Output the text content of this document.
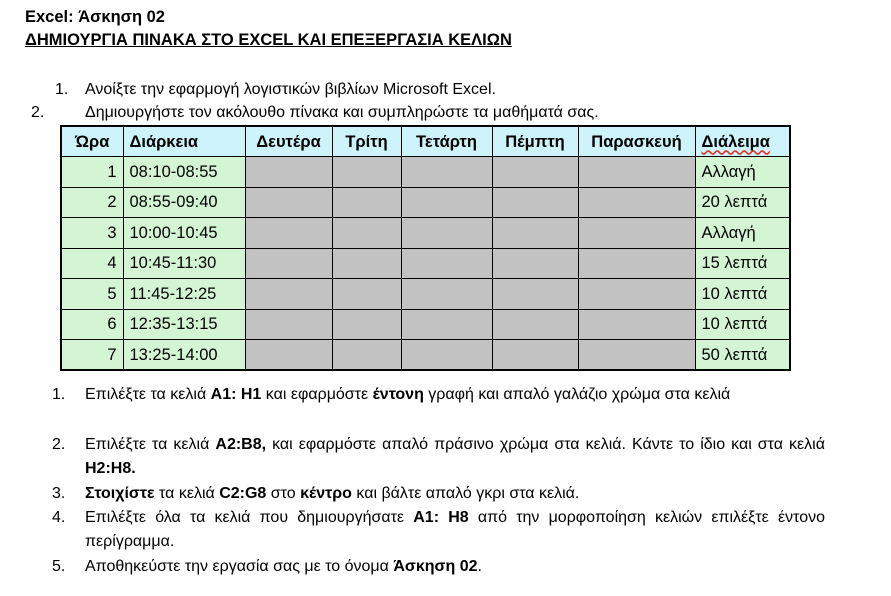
Excel: Άσκηση 02
ΔΗΜΙΟΥΡΓΙΑ ΠΙΝΑΚΑ ΣΤΟ EXCEL ΚΑΙ ΕΠΕΞΕΡΓΑΣΙΑ ΚΕΛΙΩΝ
1. Ανοίξτε την εφαρμογή λογιστικών βιβλίων Microsoft Excel.
2.	Δημιουργήστε τον ακόλουθο πίνακα και συμπληρώστε τα μαθήματά σας.
Ώρα	Διάρκεια	Δευτέρα	Τρίτη	Τετάρτη	Πέμπτη	Παρασκευή	Διάλειμα
1	08:10-08:55						Αλλαγή
2	08:55-09:40						20 λεπτά
3	10:00-10:45						Αλλαγή
4	10:45-11:30						15 λεπτά
5	11:45-12:25						10 λεπτά
6	12:35-13:15						10 λεπτά
7	13:25-14:00						50 λεπτά
1. Επιλέξτε τα κελιά A1: H1 και εφαρμόστε έντονη γραφή και απαλό γαλάζιο χρώμα στα κελιά
2. Επιλέξτε τα κελιά A2:B8, και εφαρμόστε απαλό πράσινο χρώμα στα κελιά. Κάντε το ίδιο και στα κελιά H2:H8.
3. Στοιχίστε τα κελιά C2:G8 στο κέντρο και βάλτε απαλό γκρι στα κελιά.
4. Επιλέξτε όλα τα κελιά που δημιουργήσατε A1: H8 από την μορφοποίηση κελιών επιλέξτε έντονο περίγραμμα.
5. Αποθηκεύστε την εργασία σας με το όνομα Άσκηση 02.
